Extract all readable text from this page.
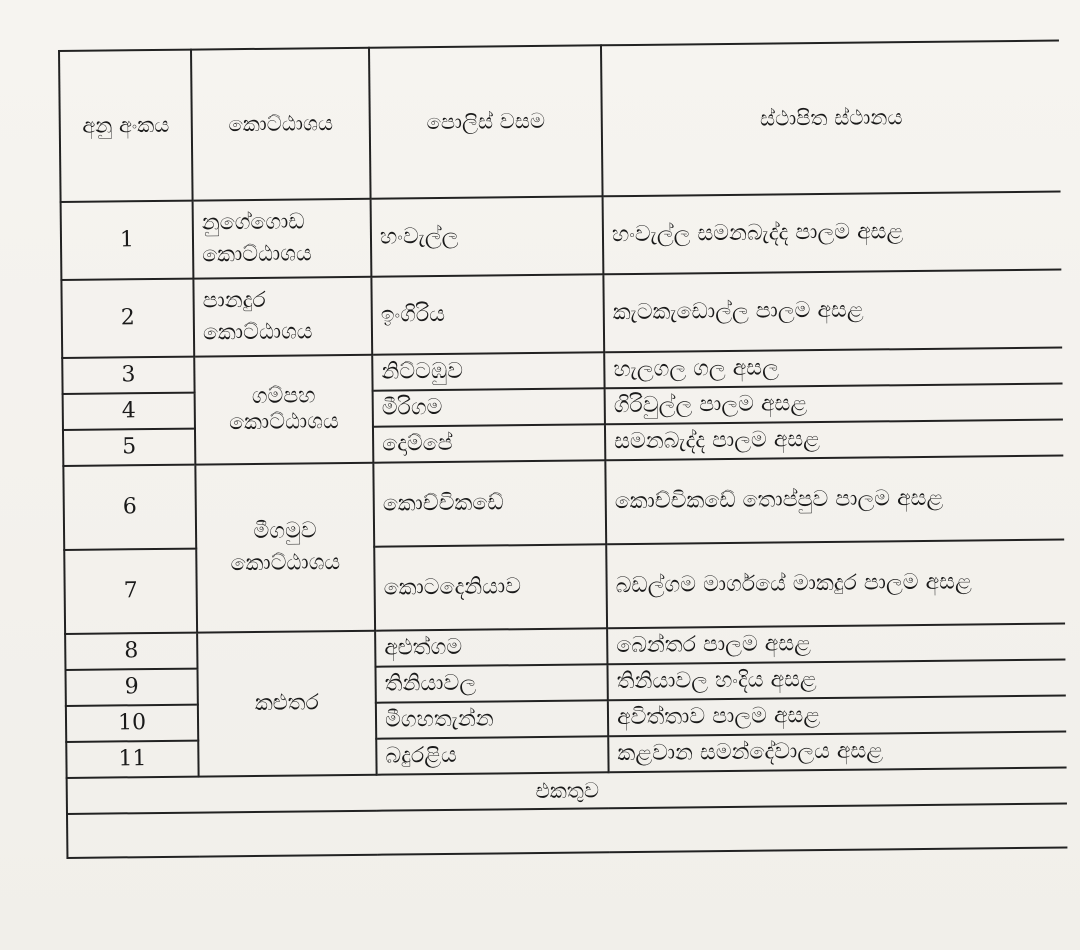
අනු අංකය	කොට්ඨාශය	පොලිස් වසම	ස්ථාපිත ස්ථානය
1	නුගේගොඩ කොට්ඨාශය	හංවැල්ල	හංවැල්ල සමනබැද්ද පාලම අසළ
2	පානදුර කොට්ඨාශය	ඉංගිරිය	කැටකැඩොල්ල පාලම අසළ
3	ගම්පහ කොට්ඨාශය	නිට්ටඹුව	හැලගල ගල අසල
4		මීරිගම	ගිරිවුල්ල පාලම අසළ
5		දොම්පේ	සමනබැද්ද පාලම අසළ
6	මීගමුව කොට්ඨාශය	කොච්චිකඩේ	කොච්චිකඩේ තොප්පුව පාලම අසළ
7		කොටදෙනියාව	බඩල්ගම මාර්ගයේ මාකදුර පාලම අසළ
8	කළුතර	අළුත්ගම	බෙන්තර පාලම අසළ
9		තිනියාවල	තිනියාවල හංදිය අසළ
10		මීගහතැන්න	අවිත්තාව පාලම අසළ
11		බදුරළිය	කළවාන සමන්දේවාලය අසළ
එකතුව			
